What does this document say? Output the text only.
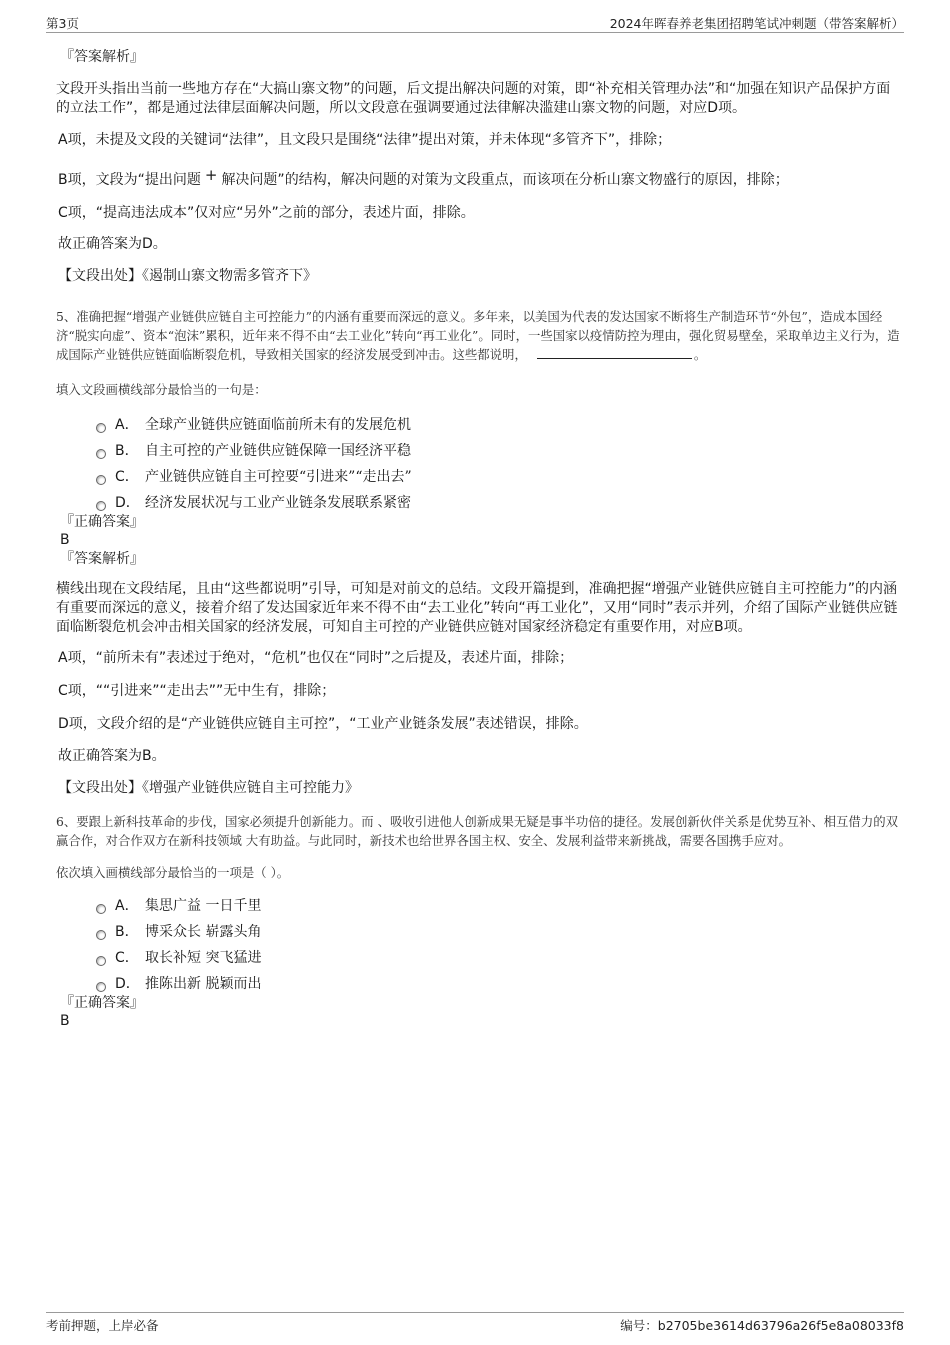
第3页	2024年晖春养老集团招聘笔试冲刺题（带答案解析）

『答案解析』

文段开头指出当前一些地方存在“大搞山寨文物”的问题，后文提出解决问题的对策，即“补充相关管理办法”和“加强在知识产品保护方面的立法工作”，都是通过法律层面解决问题，所以文段意在强调要通过法律解决滥建山寨文物的问题，对应D项。

A项，未提及文段的关键词“法律”，且文段只是围绕“法律”提出对策，并未体现“多管齐下”，排除；

B项，文段为“提出问题 + 解决问题”的结构，解决问题的对策为文段重点，而该项在分析山寨文物盛行的原因，排除；

C项，“提高违法成本”仅对应“另外”之前的部分，表述片面，排除。

故正确答案为D。

【文段出处】《遏制山寨文物需多管齐下》

5、准确把握“增强产业链供应链自主可控能力”的内涵有重要而深远的意义。多年来，以美国为代表的发达国家不断将生产制造环节“外包”，造成本国经济“脱实向虚”、资本“泡沫”累积，近年来不得不由“去工业化”转向“再工业化”。同时，一些国家以疫情防控为理由，强化贸易壁垒，采取单边主义行为，造成国际产业链供应链面临断裂危机，导致相关国家的经济发展受到冲击。这些都说明，	。

填入文段画横线部分最恰当的一句是：

A． 全球产业链供应链面临前所未有的发展危机
B． 自主可控的产业链供应链保障一国经济平稳
C． 产业链供应链自主可控要“引进来”“走出去”
D． 经济发展状况与工业产业链条发展联系紧密

『正确答案』

B

『答案解析』

横线出现在文段结尾，且由“这些都说明”引导，可知是对前文的总结。文段开篇提到，准确把握“增强产业链供应链自主可控能力”的内涵有重要而深远的意义，接着介绍了发达国家近年来不得不由“去工业化”转向“再工业化”，又用“同时”表示并列，介绍了国际产业链供应链面临断裂危机会冲击相关国家的经济发展，可知自主可控的产业链供应链对国家经济稳定有重要作用，对应B项。

A项，“前所未有”表述过于绝对，“危机”也仅在“同时”之后提及，表述片面，排除；

C项，““引进来”“走出去””无中生有，排除；

D项，文段介绍的是“产业链供应链自主可控”，“工业产业链条发展”表述错误，排除。

故正确答案为B。

【文段出处】《增强产业链供应链自主可控能力》

6、要跟上新科技革命的步伐，国家必须提升创新能力。而 、吸收引进他人创新成果无疑是事半功倍的捷径。发展创新伙伴关系是优势互补、相互借力的双赢合作，对合作双方在新科技领域 大有助益。与此同时，新技术也给世界各国主权、安全、发展利益带来新挑战，需要各国携手应对。

依次填入画横线部分最恰当的一项是（ ）。

A． 集思广益 一日千里
B． 博采众长 崭露头角
C． 取长补短 突飞猛进
D． 推陈出新 脱颖而出

『正确答案』

B

考前押题，上岸必备	编号：b2705be3614d63796a26f5e8a08033f8
